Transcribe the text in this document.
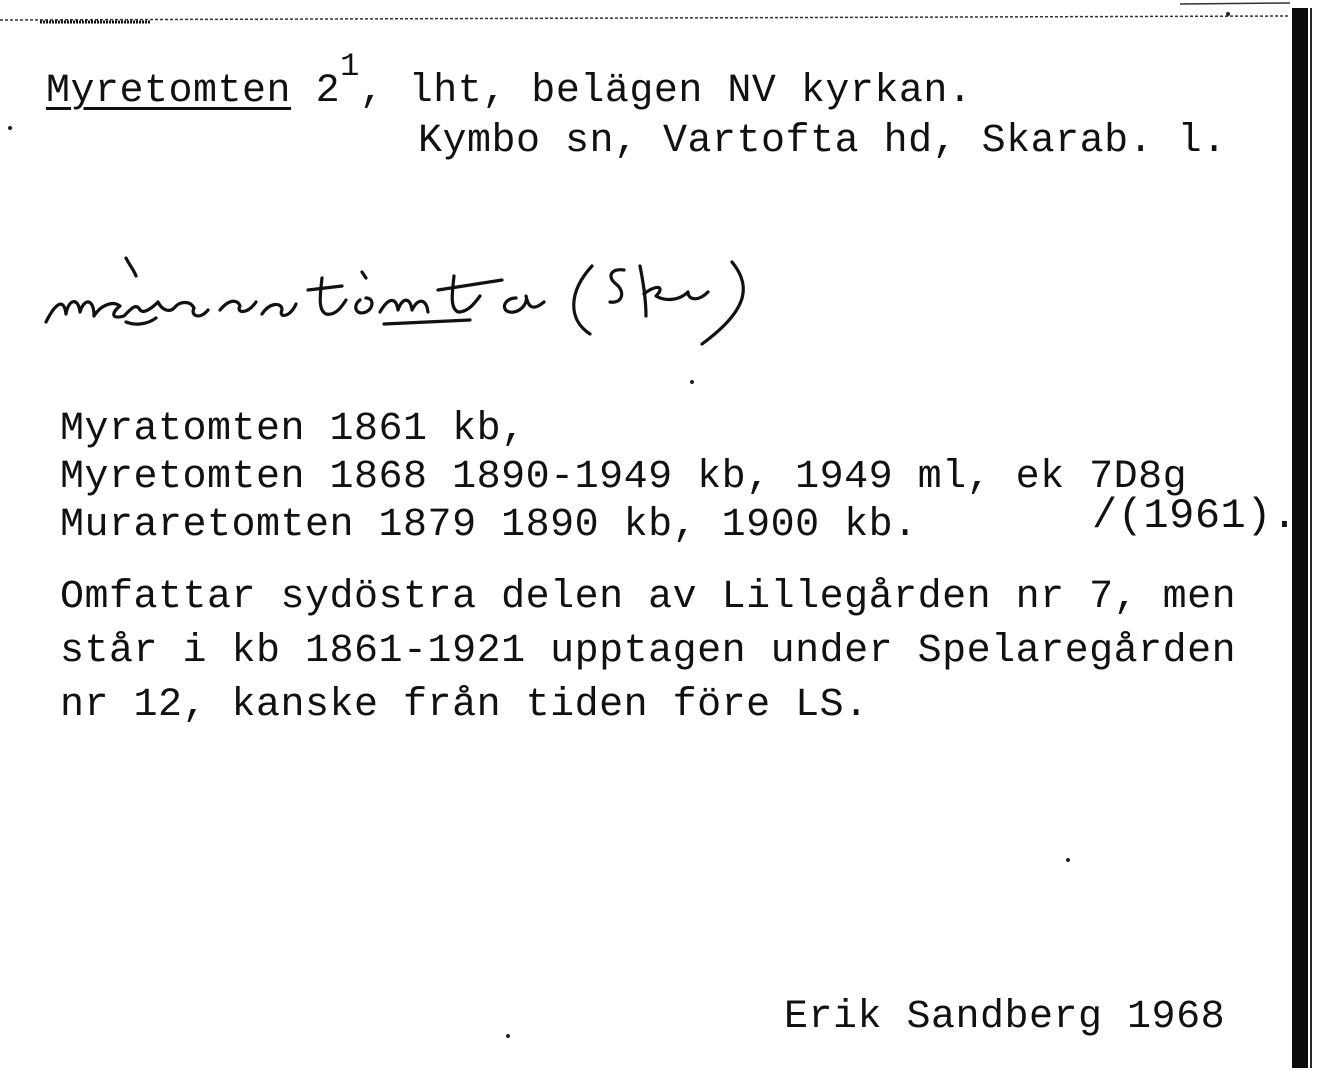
Myretomten $2^1$, lht, belägen NV kyrkan.
Kymbo sn, Vartofta hd, Skarab. l.
Myratomten 1861 kb,
Myretomten 1868 1890-1949 kb, 1949 ml, ek 7D8g
Muraretomten 1879 1890 kb, 1900 kb.	/(1961).
Omfattar sydöstra delen av Lillegården nr 7, men
står i kb 1861-1921 upptagen under Spelaregården
nr 12, kanske från tiden före LS.
Erik Sandberg 1968
